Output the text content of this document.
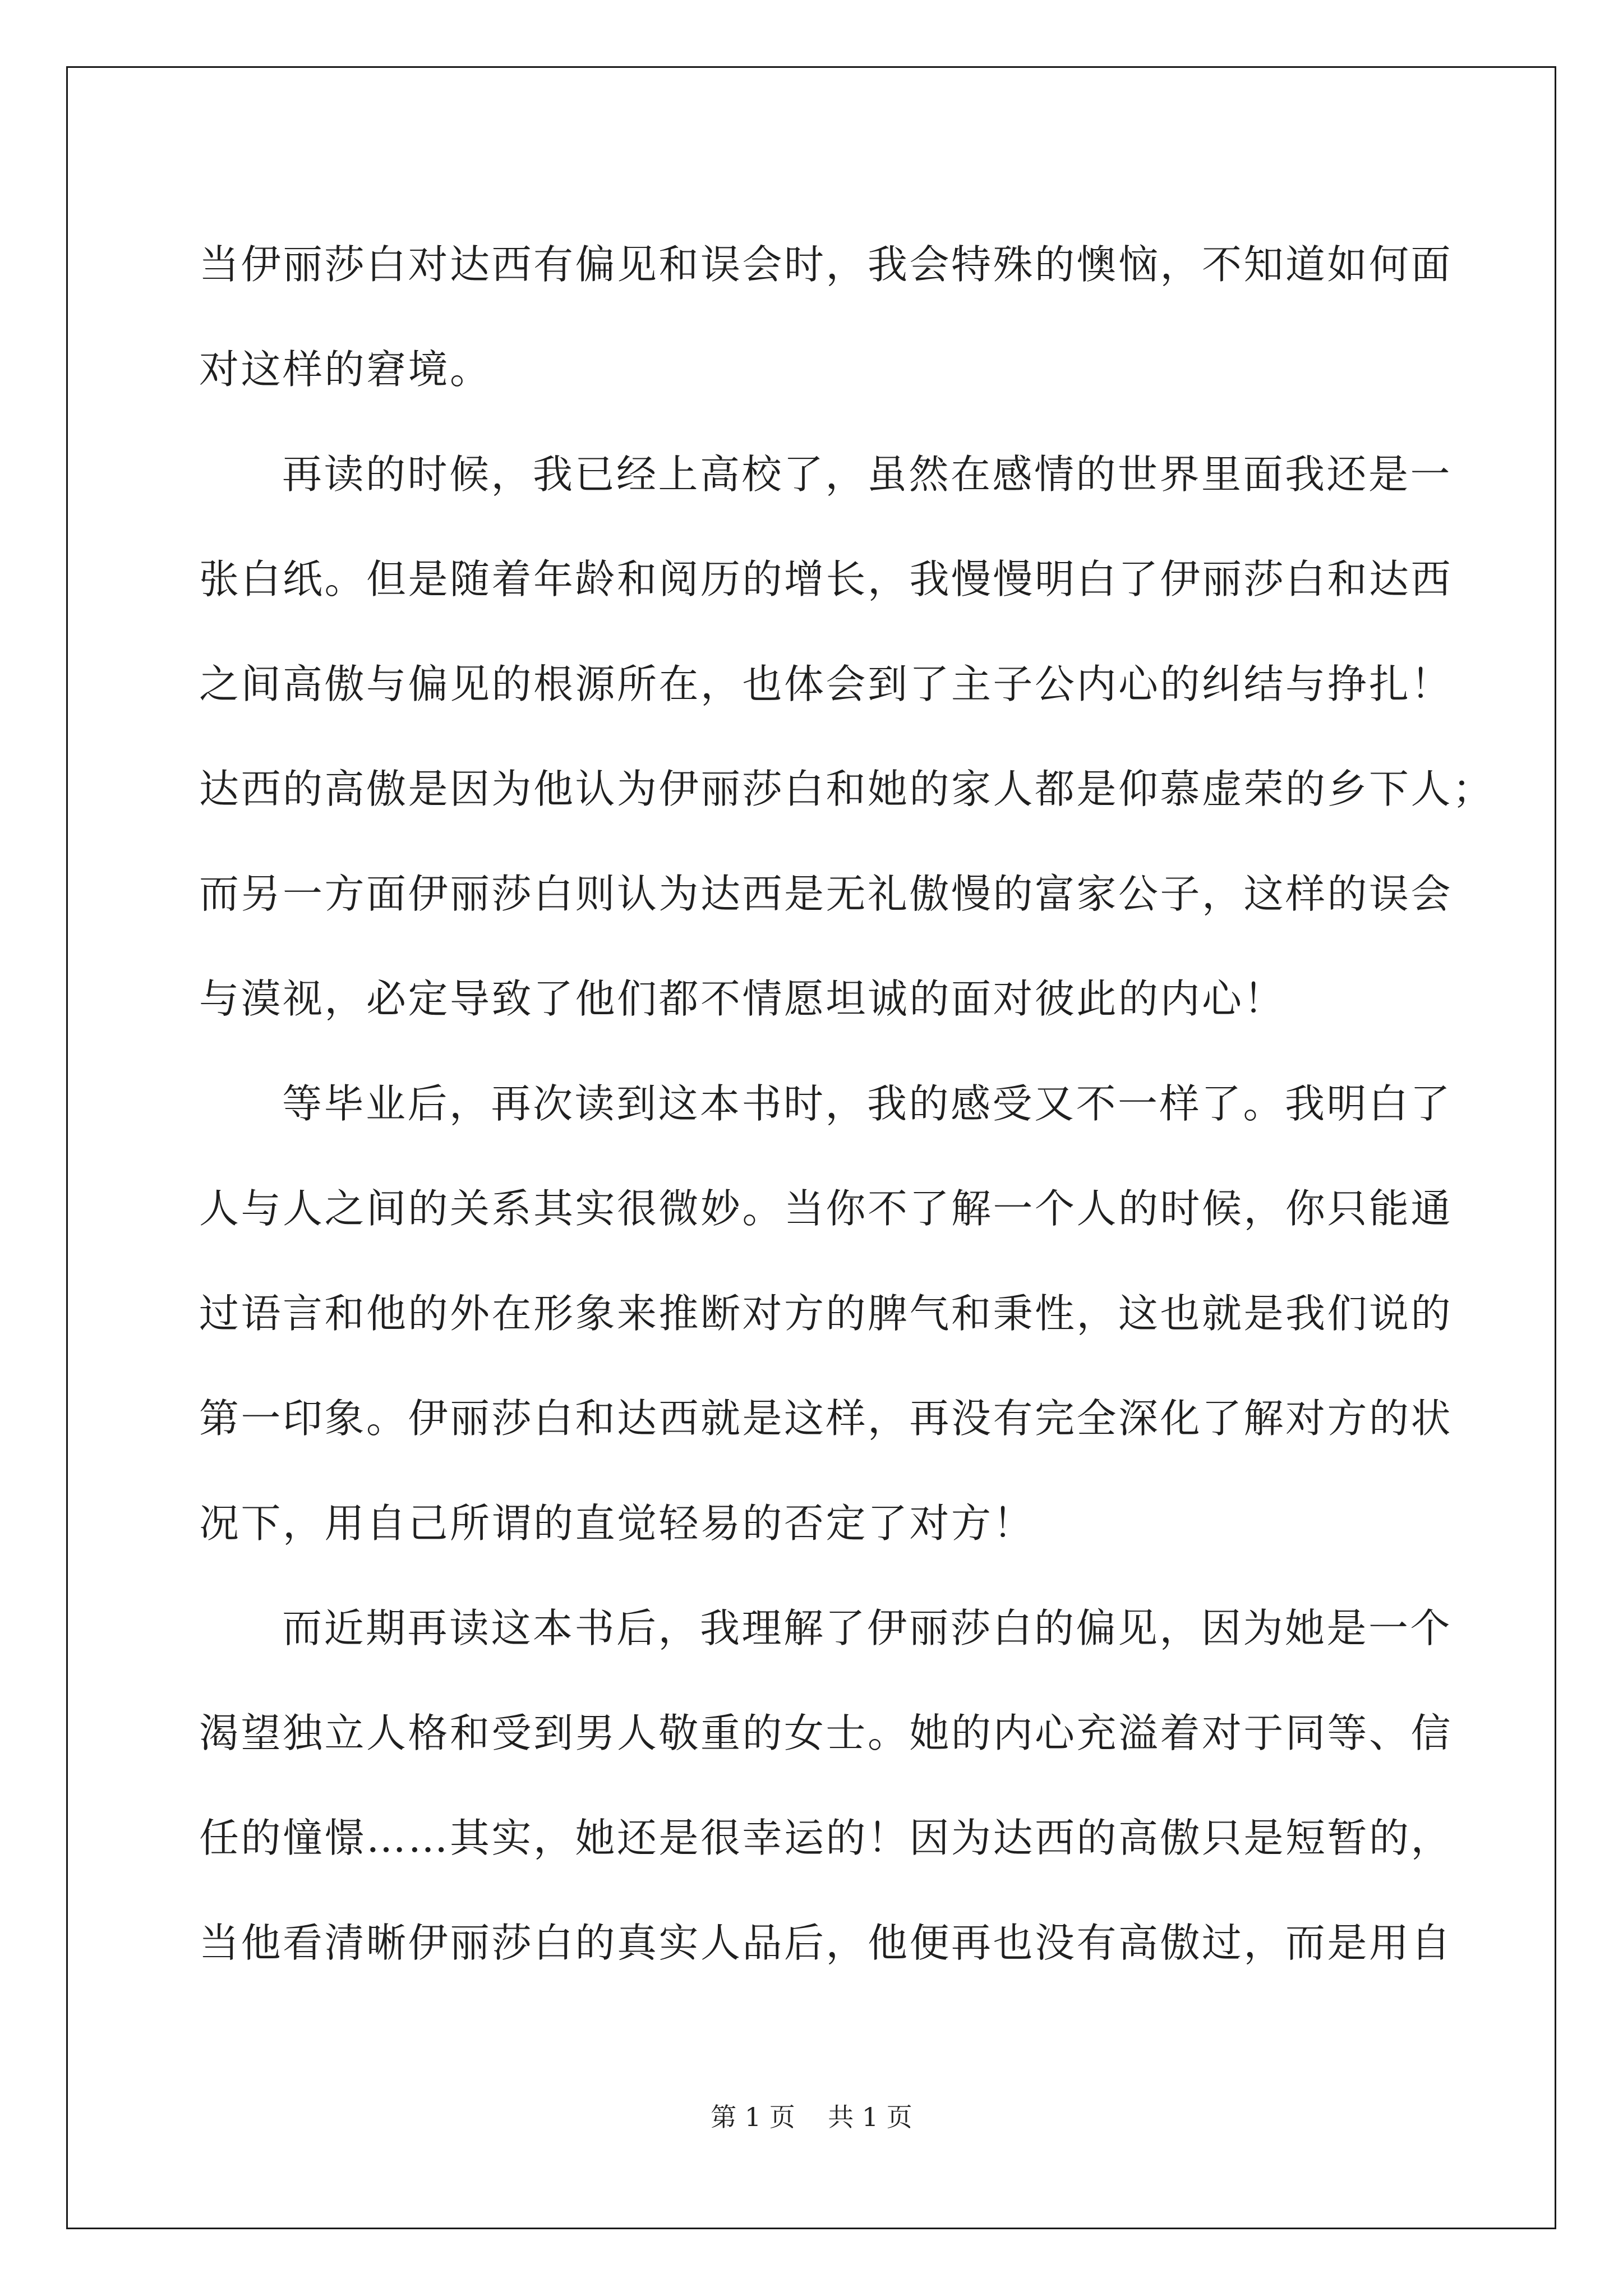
当伊丽莎白对达西有偏见和误会时，我会特殊的懊恼，不知道如何面
对这样的窘境。
再读的时候，我已经上高校了，虽然在感情的世界里面我还是一
张白纸。但是随着年龄和阅历的增长，我慢慢明白了伊丽莎白和达西
之间高傲与偏见的根源所在，也体会到了主子公内心的纠结与挣扎！
达西的高傲是因为他认为伊丽莎白和她的家人都是仰慕虚荣的乡下人；
而另一方面伊丽莎白则认为达西是无礼傲慢的富家公子，这样的误会
与漠视，必定导致了他们都不情愿坦诚的面对彼此的内心！
等毕业后，再次读到这本书时，我的感受又不一样了。我明白了
人与人之间的关系其实很微妙。当你不了解一个人的时候，你只能通
过语言和他的外在形象来推断对方的脾气和秉性，这也就是我们说的
第一印象。伊丽莎白和达西就是这样，再没有完全深化了解对方的状
况下，用自己所谓的直觉轻易的否定了对方！
而近期再读这本书后，我理解了伊丽莎白的偏见，因为她是一个
渴望独立人格和受到男人敬重的女士。她的内心充溢着对于同等、信
任的憧憬……其实，她还是很幸运的！因为达西的高傲只是短暂的，
当他看清晰伊丽莎白的真实人品后，他便再也没有高傲过，而是用自
第 1 页    共 1 页
